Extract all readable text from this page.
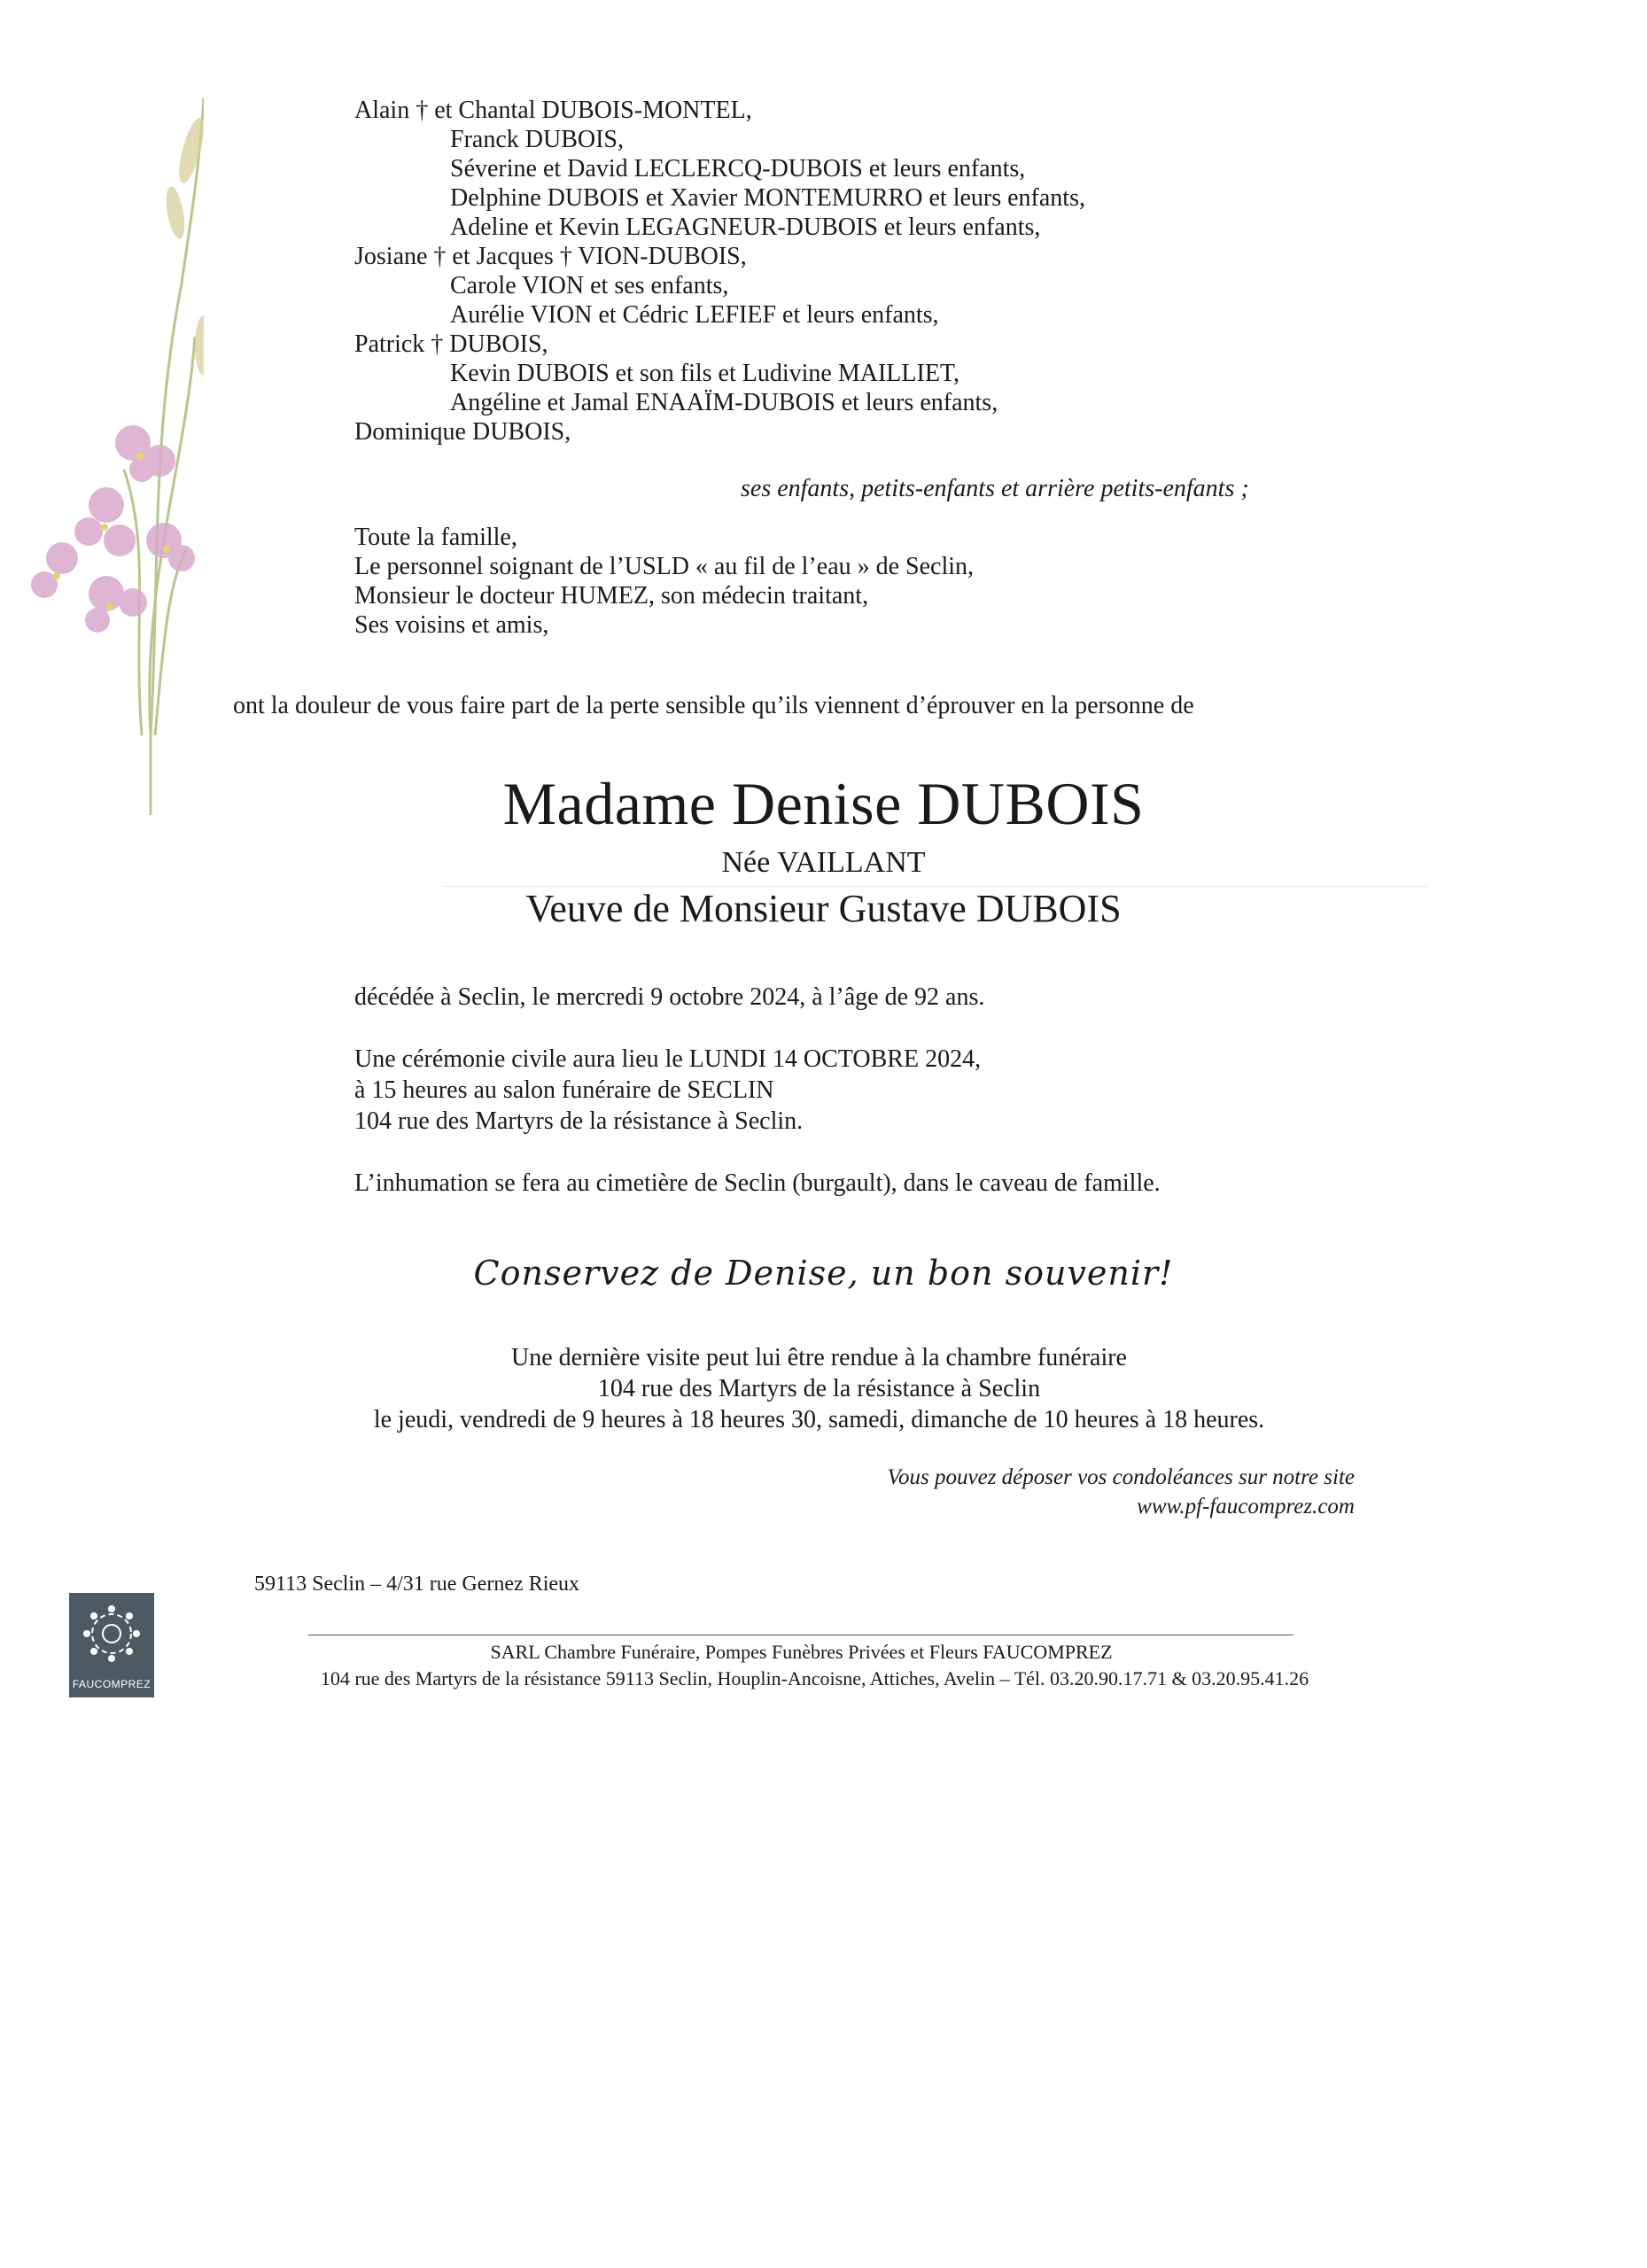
Alain † et Chantal DUBOIS-MONTEL,
Franck DUBOIS,
Séverine et David LECLERCQ-DUBOIS et leurs enfants,
Delphine DUBOIS et Xavier MONTEMURRO et leurs enfants,
Adeline et Kevin LEGAGNEUR-DUBOIS et leurs enfants,
Josiane † et Jacques † VION-DUBOIS,
Carole VION et ses enfants,
Aurélie VION et Cédric LEFIEF et leurs enfants,
Patrick † DUBOIS,
Kevin DUBOIS et son fils et Ludivine MAILLIET,
Angéline et Jamal ENAAÏM-DUBOIS et leurs enfants,
Dominique DUBOIS,
ses enfants, petits-enfants et arrière petits-enfants ;
Toute la famille,
Le personnel soignant de l’USLD « au fil de l’eau » de Seclin,
Monsieur le docteur HUMEZ, son médecin traitant,
Ses voisins et amis,
ont la douleur de vous faire part de la perte sensible qu’ils viennent d’éprouver en la personne de
Madame Denise DUBOIS
Née VAILLANT
Veuve de Monsieur Gustave DUBOIS
décédée à Seclin, le mercredi 9 octobre 2024, à l’âge de 92 ans.
Une cérémonie civile aura lieu le LUNDI 14 OCTOBRE 2024,
à 15 heures au salon funéraire de SECLIN
104 rue des Martyrs de la résistance à Seclin.
L’inhumation se fera au cimetière de Seclin (burgault), dans le caveau de famille.
Conservez de Denise, un bon souvenir!
Une dernière visite peut lui être rendue à la chambre funéraire
104 rue des Martyrs de la résistance à Seclin
le jeudi, vendredi de 9 heures à 18 heures 30, samedi, dimanche de 10 heures à 18 heures.
Vous pouvez déposer vos condoléances sur notre site
www.pf-faucomprez.com
59113 Seclin – 4/31 rue Gernez Rieux
FAUCOMPREZ
SARL Chambre Funéraire, Pompes Funèbres Privées et Fleurs FAUCOMPREZ
104 rue des Martyrs de la résistance 59113 Seclin, Houplin-Ancoisne, Attiches, Avelin – Tél. 03.20.90.17.71 & 03.20.95.41.26
